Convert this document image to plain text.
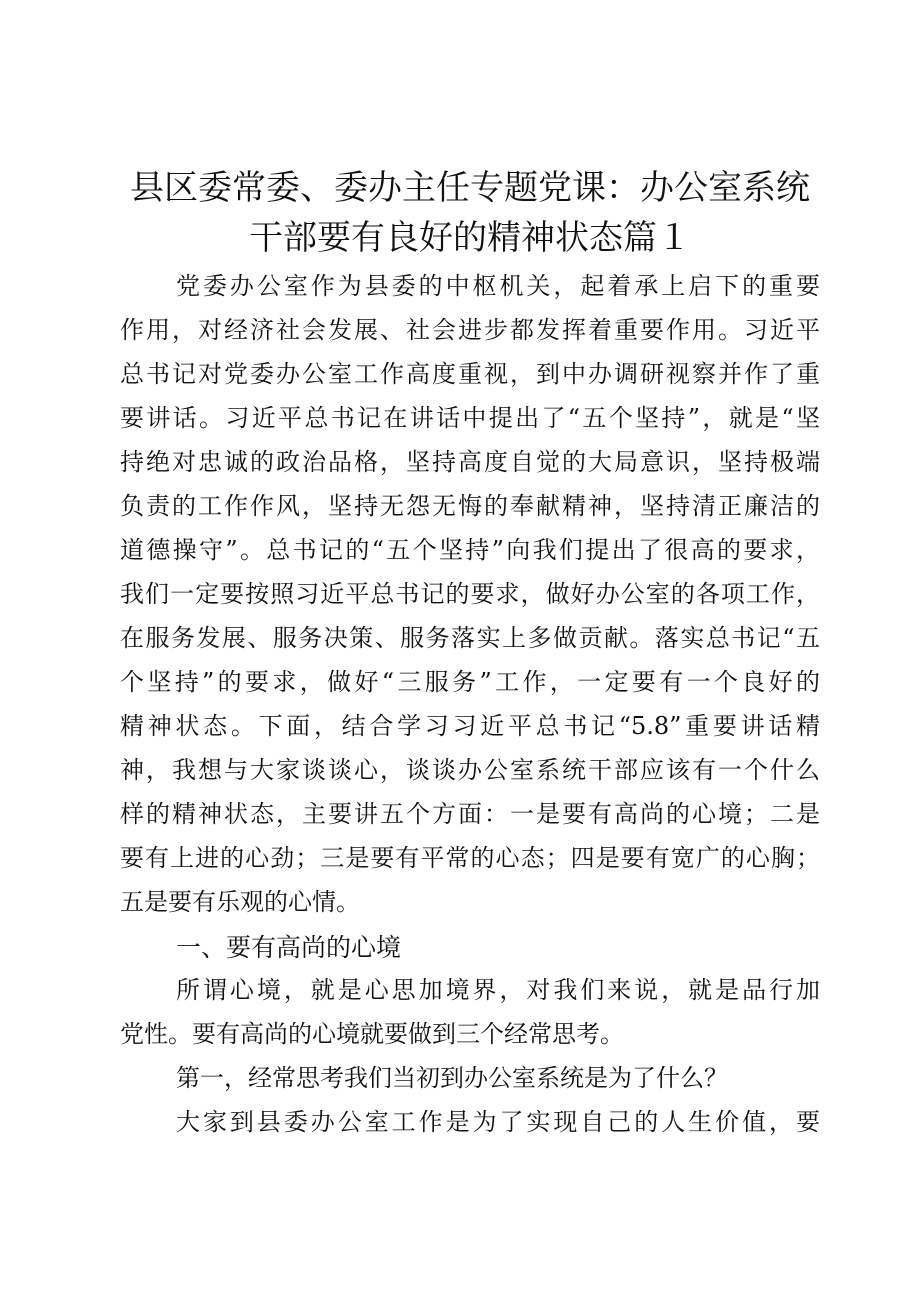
县区委常委、委办主任专题党课：办公室系统
干部要有良好的精神状态篇１
党委办公室作为县委的中枢机关，起着承上启下的重要
作用，对经济社会发展、社会进步都发挥着重要作用。习近平
总书记对党委办公室工作高度重视，到中办调研视察并作了重
要讲话。习近平总书记在讲话中提出了“五个坚持”，就是“坚
持绝对忠诚的政治品格，坚持高度自觉的大局意识，坚持极端
负责的工作作风，坚持无怨无悔的奉献精神，坚持清正廉洁的
道德操守”。总书记的“五个坚持”向我们提出了很高的要求，
我们一定要按照习近平总书记的要求，做好办公室的各项工作，
在服务发展、服务决策、服务落实上多做贡献。落实总书记“五
个坚持”的要求，做好“三服务”工作，一定要有一个良好的
精神状态。下面，结合学习习近平总书记“5.8”重要讲话精
神，我想与大家谈谈心，谈谈办公室系统干部应该有一个什么
样的精神状态，主要讲五个方面：一是要有高尚的心境；二是
要有上进的心劲；三是要有平常的心态；四是要有宽广的心胸；
五是要有乐观的心情。
一、要有高尚的心境
所谓心境，就是心思加境界，对我们来说，就是品行加
党性。要有高尚的心境就要做到三个经常思考。
第一，经常思考我们当初到办公室系统是为了什么？
大家到县委办公室工作是为了实现自己的人生价值，要
